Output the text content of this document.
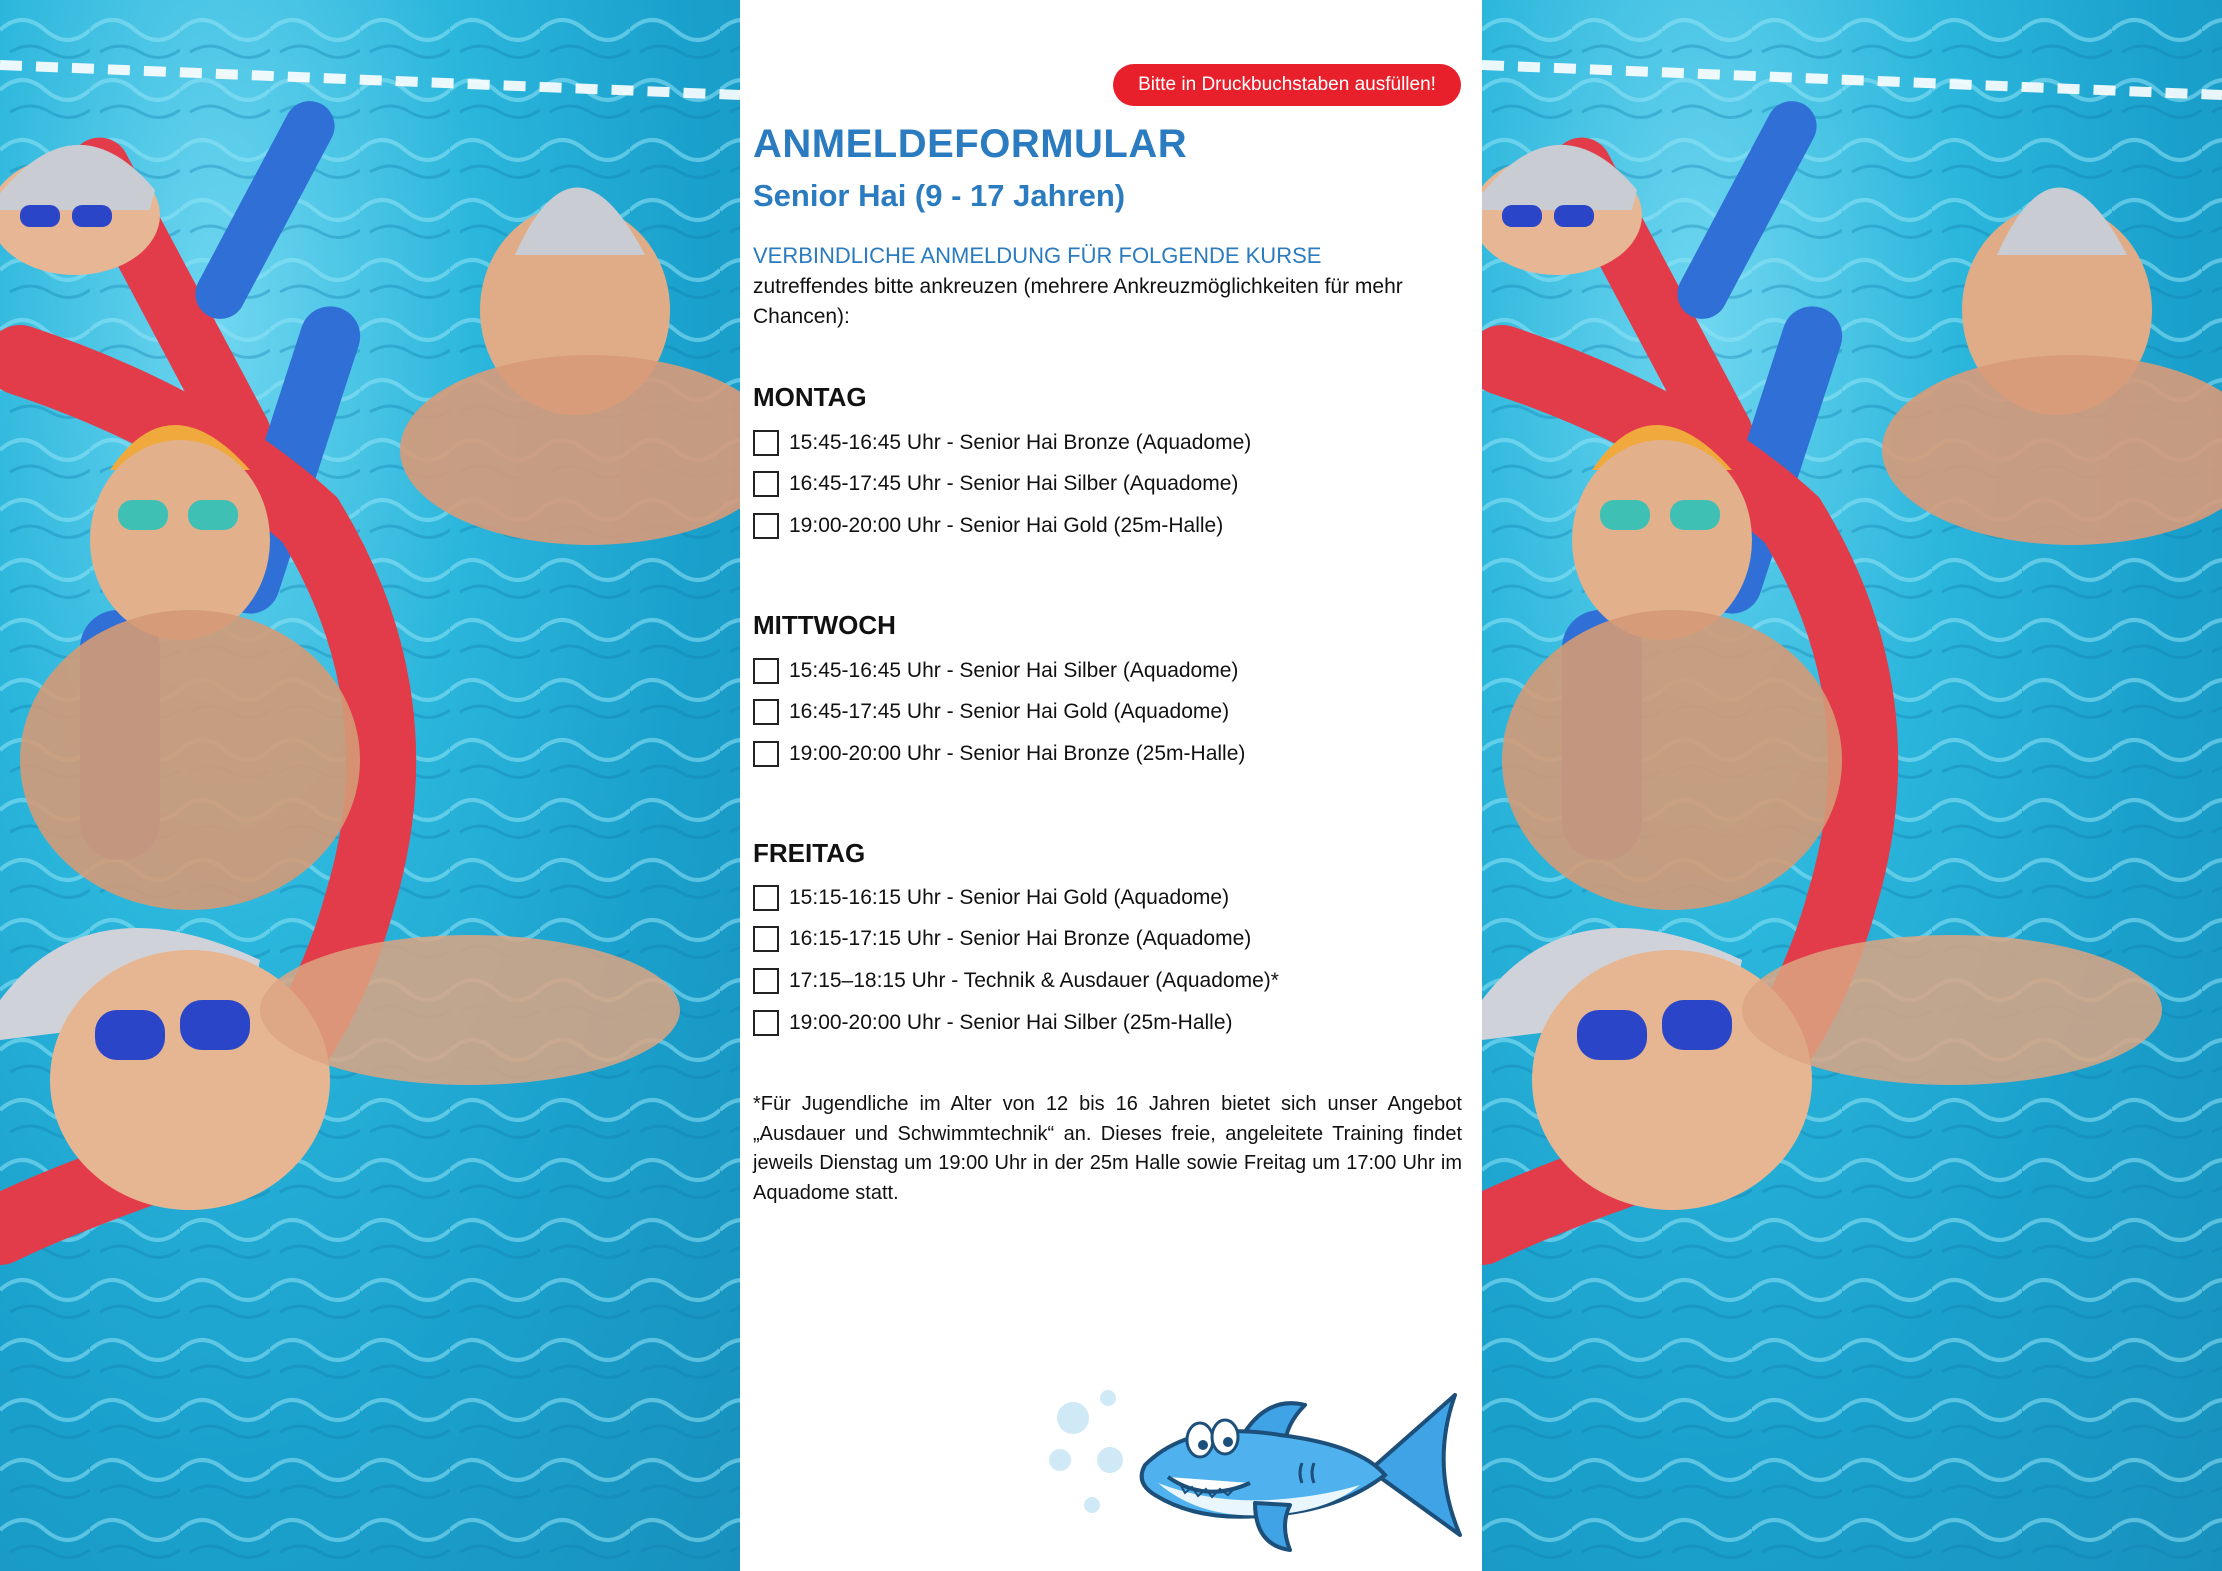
Bitte in Druckbuchstaben ausfüllen!
ANMELDEFORMULAR
Senior Hai (9 - 17 Jahren)

VERBINDLICHE ANMELDUNG FÜR FOLGENDE KURSE

zutreffendes bitte ankreuzen (mehrere Ankreuzmöglichkeiten für mehr Chancen):

MONTAG
15:45-16:45 Uhr - Senior Hai Bronze (Aquadome)
16:45-17:45 Uhr - Senior Hai Silber (Aquadome)
19:00-20:00 Uhr - Senior Hai Gold (25m-Halle)
MITTWOCH
15:45-16:45 Uhr - Senior Hai Silber (Aquadome)
16:45-17:45 Uhr - Senior Hai Gold (Aquadome)
19:00-20:00 Uhr - Senior Hai Bronze (25m-Halle)
FREITAG
15:15-16:15 Uhr - Senior Hai Gold (Aquadome)
16:15-17:15 Uhr - Senior Hai Bronze (Aquadome)
17:15–18:15 Uhr - Technik & Ausdauer (Aquadome)*
19:00-20:00 Uhr - Senior Hai Silber (25m-Halle)

*Für Jugendliche im Alter von 12 bis 16 Jahren bietet sich unser Angebot „Ausdauer und Schwimmtechnik“ an. Dieses freie, angeleitete Training findet jeweils Dienstag um 19:00 Uhr in der 25m Halle sowie Freitag um 17:00 Uhr im Aquadome statt.
